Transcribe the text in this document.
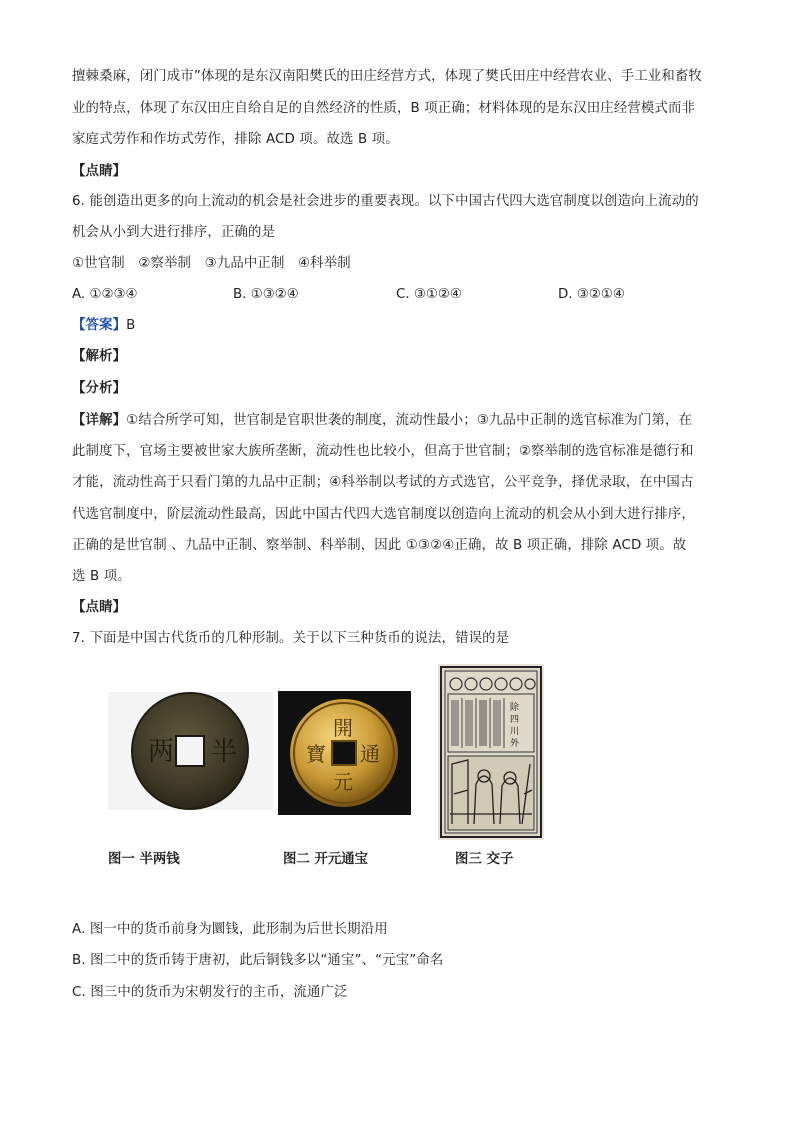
擅棘桑麻，闭门成市”体现的是东汉南阳樊氏的田庄经营方式，体现了樊氏田庄中经营农业、手工业和畜牧
业的特点，体现了东汉田庄自给自足的自然经济的性质，B 项正确；材料体现的是东汉田庄经营模式而非
家庭式劳作和作坊式劳作，排除 ACD 项。故选 B 项。
【点睛】
6. 能创造出更多的向上流动的机会是社会进步的重要表现。以下中国古代四大选官制度以创造向上流动的
机会从小到大进行排序，正确的是
①世官制　②察举制　③九品中正制　④科举制
A. ①②③④	B. ①③②④	C. ③①②④	D. ③②①④
【答案】B
【解析】
【分析】
【详解】①结合所学可知，世官制是官职世袭的制度，流动性最小；③九品中正制的选官标准为门第，在
此制度下，官场主要被世家大族所垄断，流动性也比较小，但高于世官制；②察举制的选官标准是德行和
才能，流动性高于只看门第的九品中正制；④科举制以考试的方式选官，公平竞争，择优录取，在中国古
代选官制度中，阶层流动性最高，因此中国古代四大选官制度以创造向上流动的机会从小到大进行排序，
正确的是世官制 、九品中正制、察举制、科举制，因此 ①③②④正确，故 B 项正确，排除 ACD 项。故
选 B 项。
【点睛】
7. 下面是中国古代货币的几种形制。关于以下三种货币的说法，错误的是
两 半
開
元
通
寶
除
四
川
外
图一 半两钱	图二 开元通宝	图三 交子
A. 图一中的货币前身为圜钱，此形制为后世长期沿用
B. 图二中的货币铸于唐初，此后铜钱多以“通宝”、“元宝”命名
C. 图三中的货币为宋朝发行的主币，流通广泛
